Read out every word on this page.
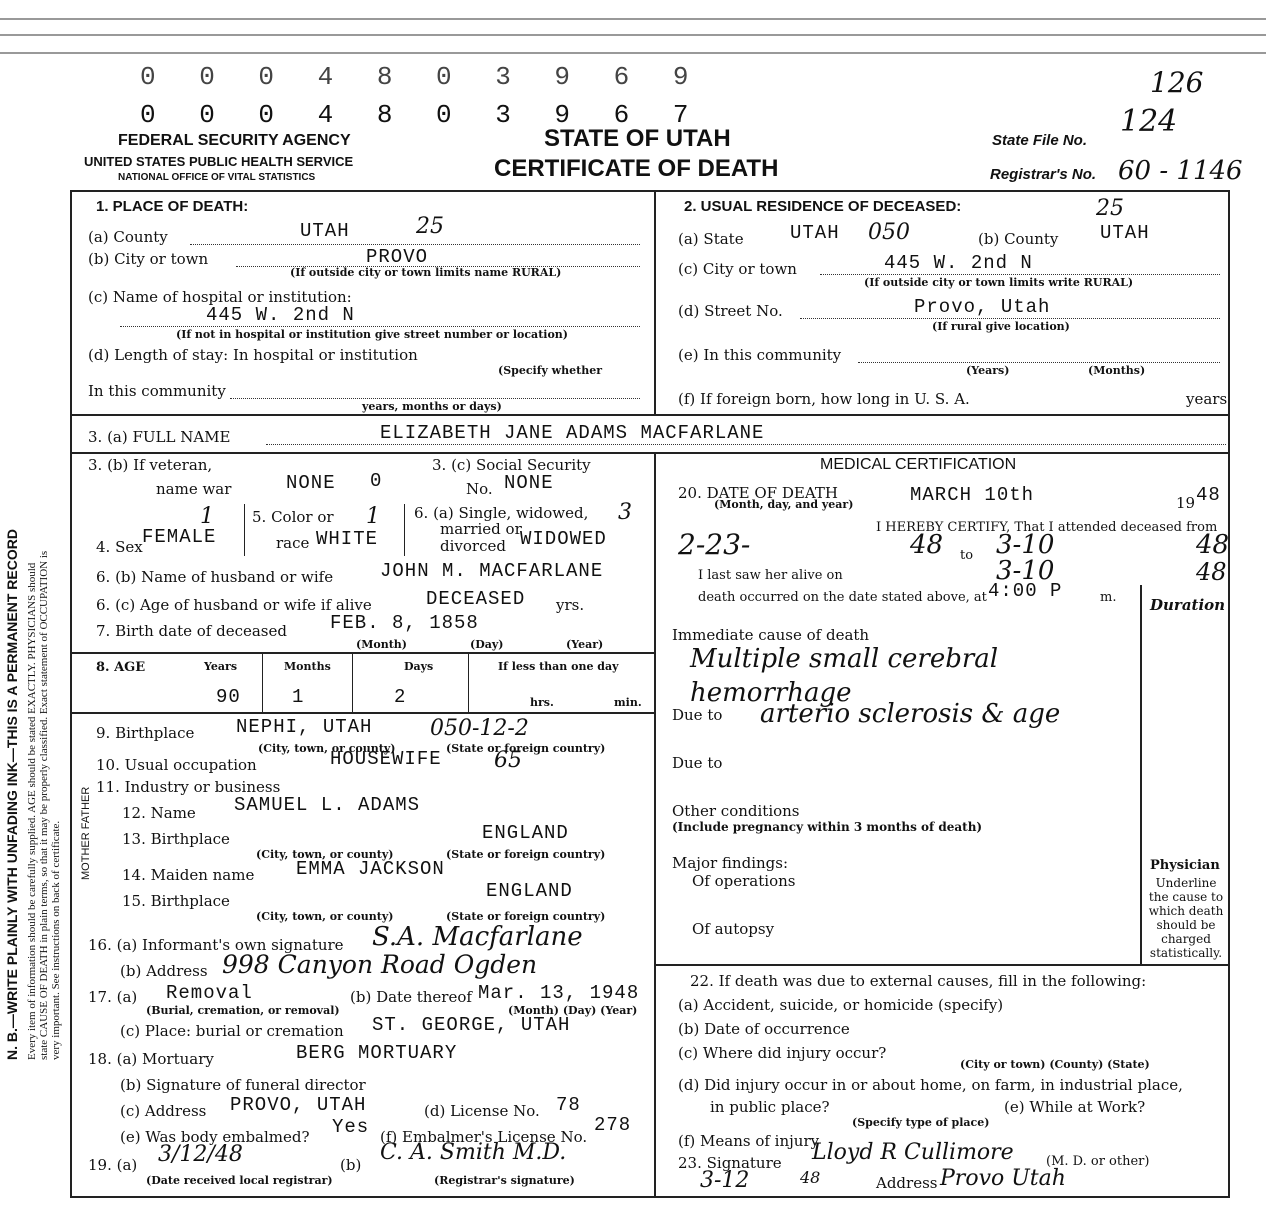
0 0 0 4 8 0 3 9 6 9	126
0 0 0 4 8 0 3 9 6 7
FEDERAL SECURITY AGENCY
UNITED STATES PUBLIC HEALTH SERVICE
NATIONAL OFFICE OF VITAL STATISTICS
STATE OF UTAH
CERTIFICATE OF DEATH
State File No.
124
Registrar's No. 60 - 1146
N. B.—WRITE PLAINLY WITH UNFADING INK—THIS IS A PERMANENT RECORD Every item of information should be carefully supplied. AGE should be stated EXACTLY. PHYSICIANS should state CAUSE OF DEATH in plain terms, so that it may be properly classified. Exact statement of OCCUPATION is very important. See instructions on back of certificate. MOTHER FATHER
1. PLACE OF DEATH:
(a) County	UTAH	25
(b) City or town	PROVO
(If outside city or town limits name RURAL)
(c) Name of hospital or institution:
445 W. 2nd N
(If not in hospital or institution give street number or location)
(d) Length of stay: In hospital or institution
(Specify whether
In this community
years, months or days)
2. USUAL RESIDENCE OF DECEASED:
(a) State UTAH 050	(b) County UTAH
25
(c) City or town	445 W. 2nd N
(If outside city or town limits write RURAL)
(d) Street No.	Provo, Utah
(If rural give location)
(e) In this community
(Years)	(Months)
(f) If foreign born, how long in U. S. A.	years
3. (a) FULL NAME	ELIZABETH JANE ADAMS MACFARLANE
3. (b) If veteran,
name war	NONE 0
3. (c) Social Security
No. NONE
4. Sex FEMALE
1	5. Color or
race WHITE
1 6. (a) Single, widowed,
married or
divorced WIDOWED
3
6. (b) Name of husband or wife JOHN M. MACFARLANE
6. (c) Age of husband or wife if alive	DECEASED yrs.
7. Birth date of deceased FEB. 8, 1858
(Month)	(Day)	(Year)
8. AGE	Years	Months	Days	If less than one day
90	1	2	hrs.	min.
9. Birthplace NEPHI, UTAH	050-12-2
(City, town, or county)	(State or foreign country)
10. Usual occupation	HOUSEWIFE 65
11. Industry or business
12. Name SAMUEL L. ADAMS
13. Birthplace	ENGLAND
(City, town, or county)	(State or foreign country)
14. Maiden name EMMA JACKSON
15. Birthplace	ENGLAND
(City, town, or county)	(State or foreign country)
16. (a) Informant's own signature S.A. Macfarlane
(b) Address 998 Canyon Road Ogden
17. (a) Removal
(Burial, cremation, or removal)
(b) Date thereof Mar. 13, 1948
(Month) (Day) (Year)
(c) Place: burial or cremation ST. GEORGE, UTAH
18. (a) Mortuary	BERG MORTUARY
(b) Signature of funeral director
(c) Address PROVO, UTAH	(d) License No. 78
(e) Was body embalmed? Yes (f) Embalmer's License No.
278
19. (a) 3/12/48
(Date received local registrar)
(b) C. A. Smith M.D.
(Registrar's signature)
MEDICAL CERTIFICATION
20. DATE OF DEATH
(Month, day, and year)	MARCH 10th	19 48
I HEREBY CERTIFY, That I attended deceased from
2-23-	48 to 3-10	48
I last saw her alive on	3-10	48
death occurred on the date stated above, at 4:00 P	m. Duration
Immediate cause of death
Multiple small cerebral hemorrhage
Due to arterio sclerosis & age
Due to
Other conditions
(Include pregnancy within 3 months of death)
Major findings:
Of operations
Of autopsy
Physician
Underline the cause to which death should be charged statistically.
22. If death was due to external causes, fill in the following:
(a) Accident, suicide, or homicide (specify)
(b) Date of occurrence
(c) Where did injury occur?
(City or town) (County) (State)
(d) Did injury occur in or about home, on farm, in industrial place,
in public place?
(Specify type of place)
(e) While at Work?
(f) Means of injury
23. Signature Lloyd R Cullimore (M. D. or other)
3-12	48	Address Provo Utah
